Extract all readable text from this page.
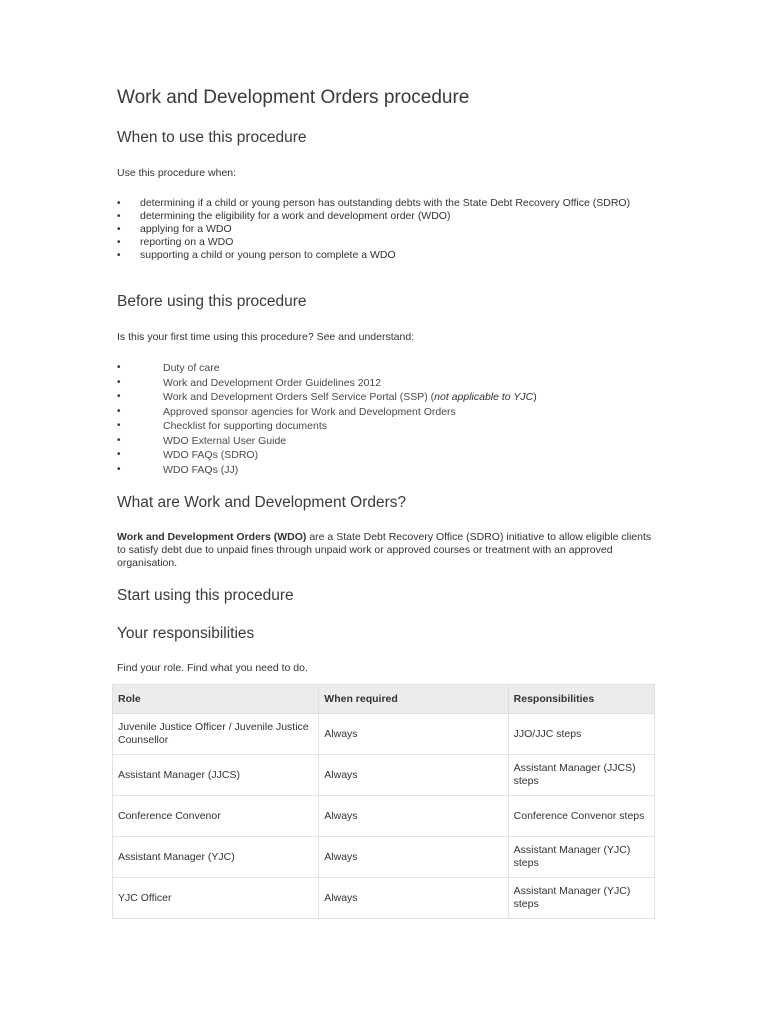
Work and Development Orders procedure
When to use this procedure

Use this procedure when:

• determining if a child or young person has outstanding debts with the State Debt Recovery Office (SDRO)
• determining the eligibility for a work and development order (WDO)
• applying for a WDO
• reporting on a WDO
• supporting a child or young person to complete a WDO
Before using this procedure

Is this your first time using this procedure? See and understand:

•	Duty of care
•	Work and Development Order Guidelines 2012
•	Work and Development Orders Self Service Portal (SSP) (not applicable to YJC)
•	Approved sponsor agencies for Work and Development Orders
•	Checklist for supporting documents
•	WDO External User Guide
•	WDO FAQs (SDRO)
•	WDO FAQs (JJ)
What are Work and Development Orders?

Work and Development Orders (WDO) are a State Debt Recovery Office (SDRO) initiative to allow eligible clients to satisfy debt due to unpaid fines through unpaid work or approved courses or treatment with an approved organisation.

Start using this procedure
Your responsibilities

Find your role. Find what you need to do.

Role	When required	Responsibilities
Juvenile Justice Officer / Juvenile Justice Counsellor	Always	JJO/JJC steps
Assistant Manager (JJCS)	Always	Assistant Manager (JJCS) steps
Conference Convenor	Always	Conference Convenor steps
Assistant Manager (YJC)	Always	Assistant Manager (YJC) steps
YJC Officer	Always	Assistant Manager (YJC) steps
